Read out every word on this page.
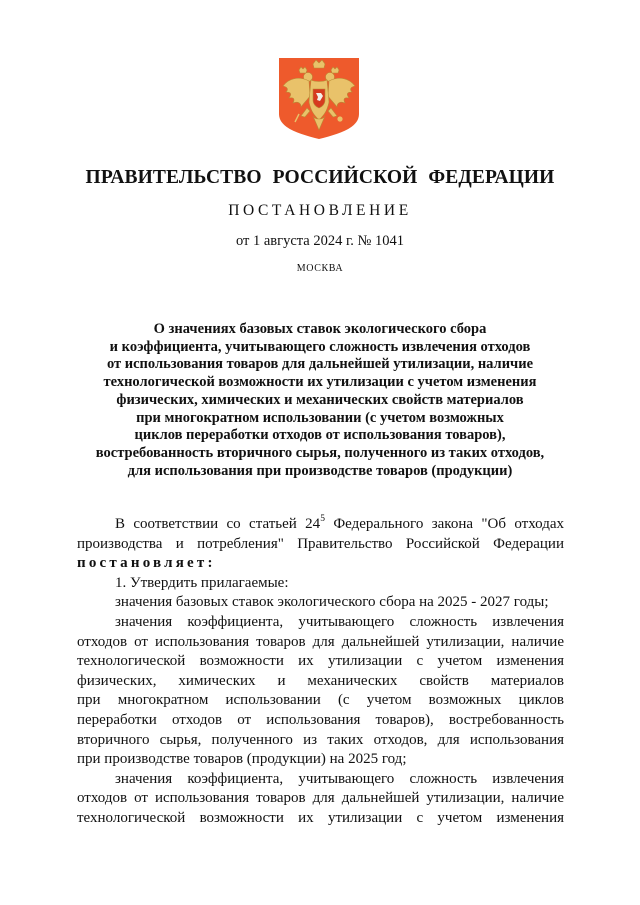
ПРАВИТЕЛЬСТВО РОССИЙСКОЙ ФЕДЕРАЦИИ
ПОСТАНОВЛЕНИЕ
от 1 августа 2024 г. № 1041
МОСКВА
О значениях базовых ставок экологического сбора
и коэффициента, учитывающего сложность извлечения отходов
от использования товаров для дальнейшей утилизации, наличие
технологической возможности их утилизации с учетом изменения
физических, химических и механических свойств материалов
при многократном использовании (с учетом возможных
циклов переработки отходов от использования товаров),
востребованность вторичного сырья, полученного из таких отходов,
для использования при производстве товаров (продукции)
В соответствии со статьей $24^5$ Федерального закона "Об отходах
производства и потребления" Правительство Российской Федерации
постановляет:
1. Утвердить прилагаемые:
значения базовых ставок экологического сбора на 2025 - 2027 годы;
значения коэффициента, учитывающего сложность извлечения
отходов от использования товаров для дальнейшей утилизации, наличие
технологической возможности их утилизации с учетом изменения
физических, химических и механических свойств материалов
при многократном использовании (с учетом возможных циклов
переработки отходов от использования товаров), востребованность
вторичного сырья, полученного из таких отходов, для использования
при производстве товаров (продукции) на 2025 год;
значения коэффициента, учитывающего сложность извлечения
отходов от использования товаров для дальнейшей утилизации, наличие
технологической возможности их утилизации с учетом изменения
